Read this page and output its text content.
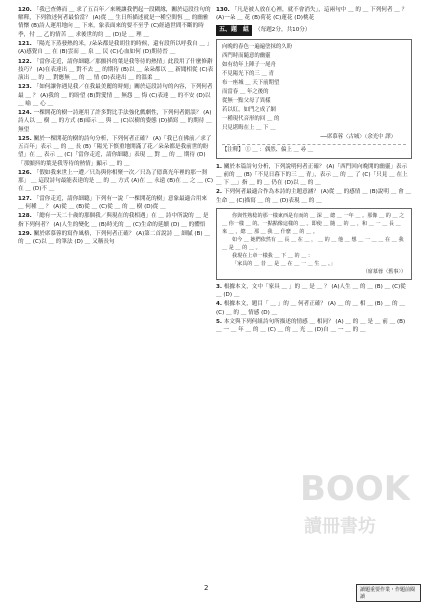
120. 「我已查傳而 ＿ 求了五百年／來曉讓我們起一段糊緣，關於這段往句的解釋，下列敘述何者最恰當？ (A)從 ＿ 生日所描述就是一種空間恆 ＿ 的幽雅情懷 (B)詩人運用地向 ＿ 下來，象表面來的要不至乎 (C)經過世間不斷的時季，付 ＿ 乙的情苦 ＿ 求後世的約 ＿ (D)是 ＿ 理 ＿
121. 「陽光下蒸發熱的米，/朵朵都是我胡住的時候，還有段所以呼我自 ＿ 」 (A)感覺自 ＿ 在 (B)雲而 ＿ 泉 ＿ 民 (C)心血如何 (D)期待晉 ＿
122. 「當你走近，請你細聽／那顫抖的葉是我等待的熱情」此段用了什麼修辭技巧？ (A)在表達出 ＿ 對不去 ＿ 的期待 (B)以 ＿ 朵朵都以 ＿ 新聞相從 (C)表演出 ＿ 的 ＿ 對應無 ＿ 的 ＿ 情 (D)表達出 ＿ 的溫柔 ＿
123. 「如何讓你遇見我／在我最美麗的時刻」關於這段詩句的內容，下列何者最 ＿ ？ (A)我的 ＿ 的盼望 (B)對愛情 ＿ 無怨 ＿ 悔 (C)表達 ＿ 的不安 (D)以 ＿ 喻 ＿ 心 ＿
124. 一棵開花的樹一詩運用了許多對比手法強化戲劇性，下列何者錯誤？ (A)詩人以 ＿ 樹 ＿ 的方式 (B)暗示 ＿ 與 ＿ (C)以樹的姿態 (D)描寫 ＿ 的期待 ＿ 無望
125. 關於一棵開花的樹的詩句分析，下列何者正確？ (A)「我已在佛前／求了五百年」表示 ＿ 的 ＿ 長 (B)「陽光下慎重地開滿了花／朵朵都是我前世的盼望」在 ＿ 表示 ＿ (C)「當你走近，請你細聽」表現 ＿ 對 ＿ 的 ＿ 期待 (D)「那顫抖的葉是我等待的熱情」顯示 ＿ 的 ＿
126. 「假如我來世上一遭／只為與你相聚一次／只為了億萬光年裡的那一刹那」 ＿ 這段詩句最能表達的是 ＿ 的 ＿ 方式 (A)在 ＿ 永遠 (B)在 ＿ 之 ＿ (C)在 ＿ (D)不 ＿
127. 「當你走近，請你細聽」下列有一說「一棵開花的樹」意象最適合用來 ＿ 何種 ＿ ？ (A)從 ＿ (B)從 ＿ (C)從 ＿ 的 ＿ 樹 (D)從 ＿
128. 「總有一天二十歲的那個我／與現在的我相遇」在 ＿ 詩中所說的 ＿ 是指下列何者？ (A)人生的變化 ＿ (B)時光的 ＿ (C)生命的延續 (D) ＿ 的體悟
129. 關於席慕蓉的寫作風格，下列何者正確？ (A)第二首說詩 ＿ 細膩 (B) ＿ 的 ＿ (C)以 ＿ 的筆法 (D) ＿ 又稱長句
130. 「凡是被人放在心裡，就不會消失」，這兩句中 ＿ 的 ＿ 下列何者 ＿ ？ (A)一朵 ＿ 花 (B)荷花 (C)蓮花 (D)桃花
五、題　組	（每題2分，共10分）
向晚的春色一遍遍塗抹的久盼
西門時而隨意的幽靈
如有幼年上陣子一尾舟
不見陽光下的三 ＿ 青
布一座城 ＿ 天下前期望
而當春 ＿ 年之後的
從無一點父母了異樣
若以紅，如門之成了網
一種現代音形的回 ＿ 的
只見堪晦在上 ＿ 下 ＿
──席慕蓉〈古城〉（余光中 譯）
【注釋】 ① ＿ ：偶然、偏上 ＿ 尋 ＿
1. 關於本篇詩句分析，下列說明何者正確？ (A)「西門回向晚開的幽靈」表示 ＿ 前的 ＿ (B)「不見日暮下的三 ＿ 青」，表示 ＿ 的 ＿ 了 (C)「只見 ＿ 在上 ＿ 下 ＿」指 ＿ 的 ＿ 仍在 (D)以 ＿ 的 ＿
2. 下列何者最適合作為本詩的主題意涵？ (A)從 ＿ 的感情 ＿ (B)說明 ＿ 會 ＿ 生命 ＿ (C)描寫 ＿ 的 ＿ (D)表現 ＿ 的 ＿

你與性熟稔的那一樣東西是有而的 ＿ 深 ＿ 總 ＿ 一年 ＿ 。那像 ＿ 的 ＿ 之 ＿ 你一樣 ＿ 的。一點點像這樣的 ＿ 。即使 ＿ 隨 ＿ 的 ＿ ，和 ＿ 一 ＿ 長 ＿ 來 ＿ ，總 ＿ 那 ＿ 我 ＿ 什麼 ＿ 的 ＿ 。

如今 ＿ 她們依然有 ＿ 長 ＿ 在 ＿ ， ＿ 的 ＿ 他 ＿ 想 ＿ 一 ＿ ＿ 在 ＿ 我 ＿ 是 ＿ 的 ＿ 。

我現在上章一樣我 ＿ 下 ＿ 的 ＿ ：

「家具的 ＿ 昔 ＿ 是 ＿ 在 ＿ 一 ＿ 生 ＿ 。」

（席慕蓉〈舊事〉）
3. 根據本文，文中「家具 ＿ 」的 ＿ 是 ＿ ？ (A)人生 ＿ 的 ＿ (B) ＿ (C)從 ＿ (D) ＿
4. 根據本文，題目「 ＿ 」的 ＿ 何者正確？ (A) ＿ 的 ＿ 相 ＿ (B) ＿ 的 ＿ (C) ＿ 的 ＿ 情感 (D) ＿
5. 本文與下列何組詩句所描述的情感 ＿ 相同？ (A) ＿ 的 ＿ 是 ＿ 前 ＿ (B) ＿ 一 ＿ 年 ＿ 的 ＿ (C) ＿ 的 ＿ 光 ＿ (D)自 ＿ 一 ＿ 的 ＿
BOOK
讀冊書坊
2	讀題重要作業・作題前閱讀
